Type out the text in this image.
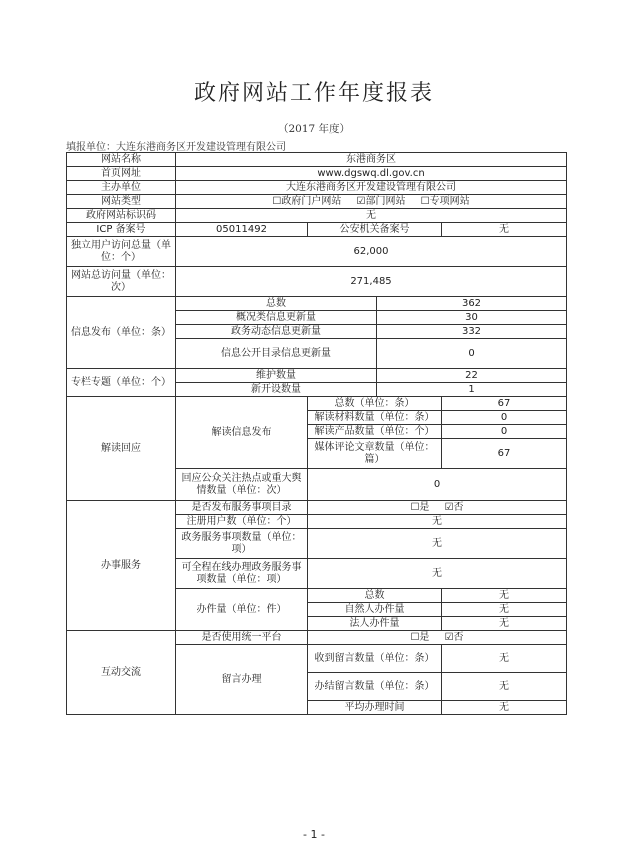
政府网站工作年度报表
（2017 年度）
填报单位：大连东港商务区开发建设管理有限公司
网站名称	东港商务区			
首页网址	www.dgswq.dl.gov.cn			
主办单位	大连东港商务区开发建设管理有限公司			
网站类型	☐政府门户网站 ☑部门网站 ☐专项网站			
政府网站标识码	无			
ICP 备案号	05011492	公安机关备案号		无
独立用户访问总量（单位：个）	62,000			
网站总访问量（单位：次）	271,485			
信息发布（单位：条）	总数		362	
	概况类信息更新量		30	
	政务动态信息更新量		332	
	信息公开目录信息更新量		0	
专栏专题（单位：个）	维护数量		22	
	新开设数量		1	
解读回应	解读信息发布	总数（单位：条）		67
		解读材料数量（单位：条）		0
		解读产品数量（单位：个）		0
		媒体评论文章数量（单位：篇）		67
	回应公众关注热点或重大舆情数量（单位：次）	0		
办事服务	是否发布服务事项目录	☐是 ☑否		
	注册用户数（单位：个）	无		
	政务服务事项数量（单位：项）	无		
	可全程在线办理政务服务事项数量（单位：项）	无		
	办件量（单位：件）	总数		无
		自然人办件量		无
		法人办件量		无
互动交流	是否使用统一平台	☐是 ☑否		
	留言办理	收到留言数量（单位：条）		无
		办结留言数量（单位：条）		无
		平均办理时间		无
- 1 -
